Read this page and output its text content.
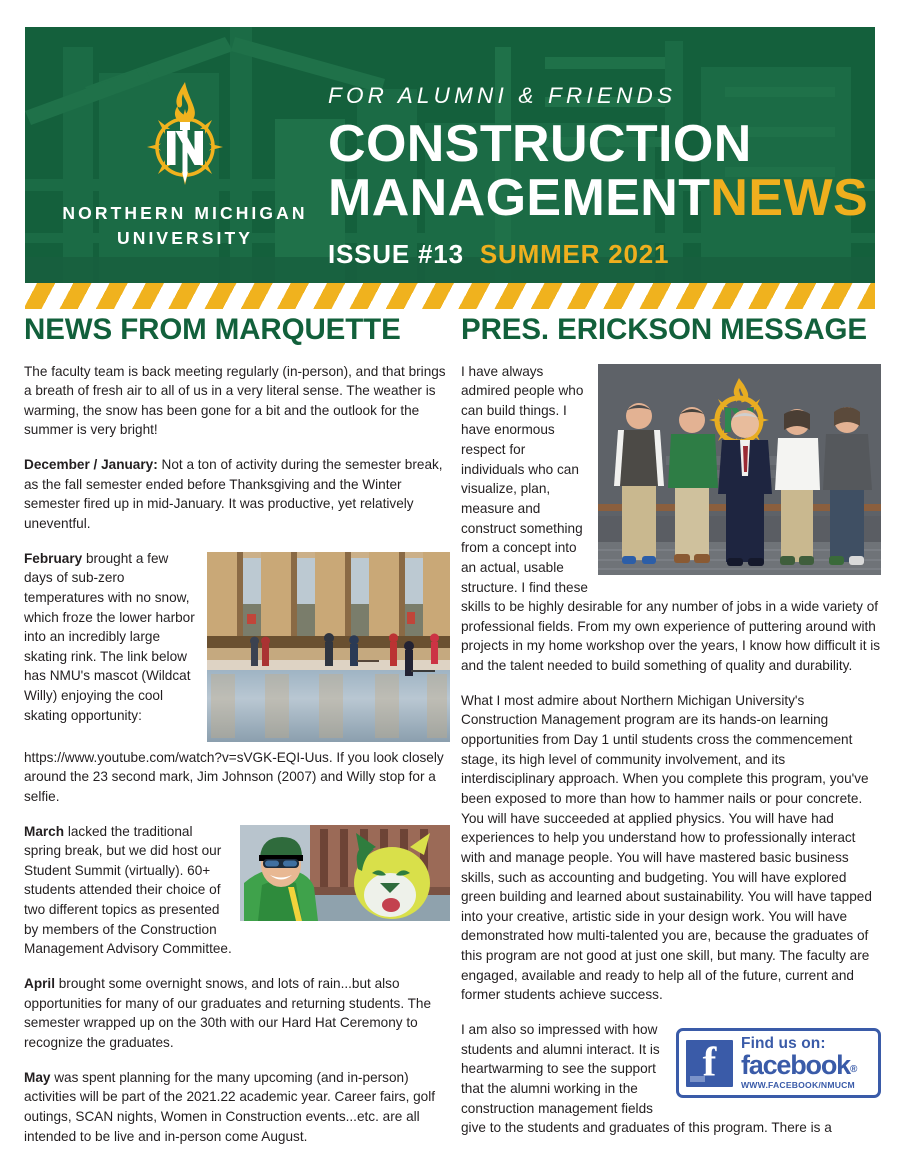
NORTHERN MICHIGAN
UNIVERSITY
FOR ALUMNI & FRIENDS
CONSTRUCTION
MANAGEMENTNEWS
ISSUE #13 SUMMER 2021
NEWS FROM MARQUETTE

The faculty team is back meeting regularly (in-person), and that brings a breath of fresh air to all of us in a very literal sense. The weather is warming, the snow has been gone for a bit and the outlook for the summer is very bright!

December / January: Not a ton of activity during the semester break, as the fall semester ended before Thanksgiving and the Winter semester fired up in mid-January. It was productive, yet relatively uneventful.

February brought a few days of sub-zero temperatures with no snow, which froze the lower harbor into an incredibly large skating rink. The link below has NMU's mascot (Wildcat Willy) enjoying the cool skating opportunity: https://www.youtube.com/watch?v=sVGK-EQI-Uus. If you look closely around the 23 second mark, Jim Johnson (2007) and Willy stop for a selfie.

March lacked the traditional spring break, but we did host our Student Summit (virtually). 60+ students attended their choice of two different topics as presented by members of the Construction Management Advisory Committee.

April brought some overnight snows, and lots of rain...but also opportunities for many of our graduates and returning students. The semester wrapped up on the 30th with our Hard Hat Ceremony to recognize the graduates.

May was spent planning for the many upcoming (and in-person) activities will be part of the 2021.22 academic year. Career fairs, golf outings, SCAN nights, Women in Construction events...etc. are all intended to be live and in-person come August.

PRES. ERICKSON MESSAGE

I have always admired people who can build things. I have enormous respect for individuals who can visualize, plan, measure and construct something from a concept into an actual, usable structure. I find these skills to be highly desirable for any number of jobs in a wide variety of professional fields. From my own experience of puttering around with projects in my home workshop over the years, I know how difficult it is and the talent needed to build something of quality and durability.

What I most admire about Northern Michigan University's Construction Management program are its hands-on learning opportunities from Day 1 until students cross the commencement stage, its high level of community involvement, and its interdisciplinary approach. When you complete this program, you've been exposed to more than how to hammer nails or pour concrete. You will have succeeded at applied physics. You will have had experiences to help you understand how to professionally interact with and manage people. You will have mastered basic business skills, such as accounting and budgeting. You will have explored green building and learned about sustainability. You will have tapped into your creative, artistic side in your design work. You will have demonstrated how multi-talented you are, because the graduates of this program are not good at just one skill, but many. The faculty are engaged, available and ready to help all of the future, current and former students achieve success.

f
Find us on:
facebook®
WWW.FACEBOOK/NMUCM

I am also so impressed with how students and alumni interact. It is heartwarming to see the support that the alumni working in the construction management fields give to the students and graduates of this program. There is a
